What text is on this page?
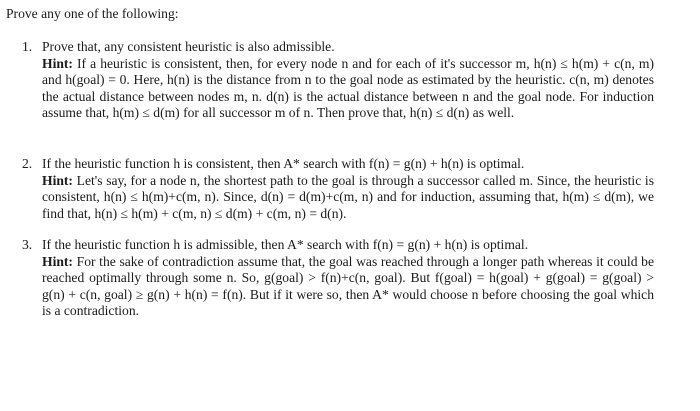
Prove any one of the following:

1. Prove that, any consistent heuristic is also admissible.
Hint: If a heuristic is consistent, then, for every node n and for each of it's successor m, h(n) ≤ h(m) + c(n, m) and h(goal) = 0. Here, h(n) is the distance from n to the goal node as estimated by the heuristic. c(n, m) denotes the actual distance between nodes m, n. d(n) is the actual distance between n and the goal node. For induction assume that, h(m) ≤ d(m) for all successor m of n. Then prove that, h(n) ≤ d(n) as well.
2. If the heuristic function h is consistent, then A* search with f(n) = g(n) + h(n) is optimal.
Hint: Let's say, for a node n, the shortest path to the goal is through a successor called m. Since, the heuristic is consistent, h(n) ≤ h(m)+c(m, n). Since, d(n) = d(m)+c(m, n) and for induction, assuming that, h(m) ≤ d(m), we find that, h(n) ≤ h(m) + c(m, n) ≤ d(m) + c(m, n) = d(n).
3. If the heuristic function h is admissible, then A* search with f(n) = g(n) + h(n) is optimal.
Hint: For the sake of contradiction assume that, the goal was reached through a longer path whereas it could be reached optimally through some n. So, g(goal) > f(n)+c(n, goal). But f(goal) = h(goal) + g(goal) = g(goal) > g(n) + c(n, goal) ≥ g(n) + h(n) = f(n). But if it were so, then A* would choose n before choosing the goal which is a contradiction.
